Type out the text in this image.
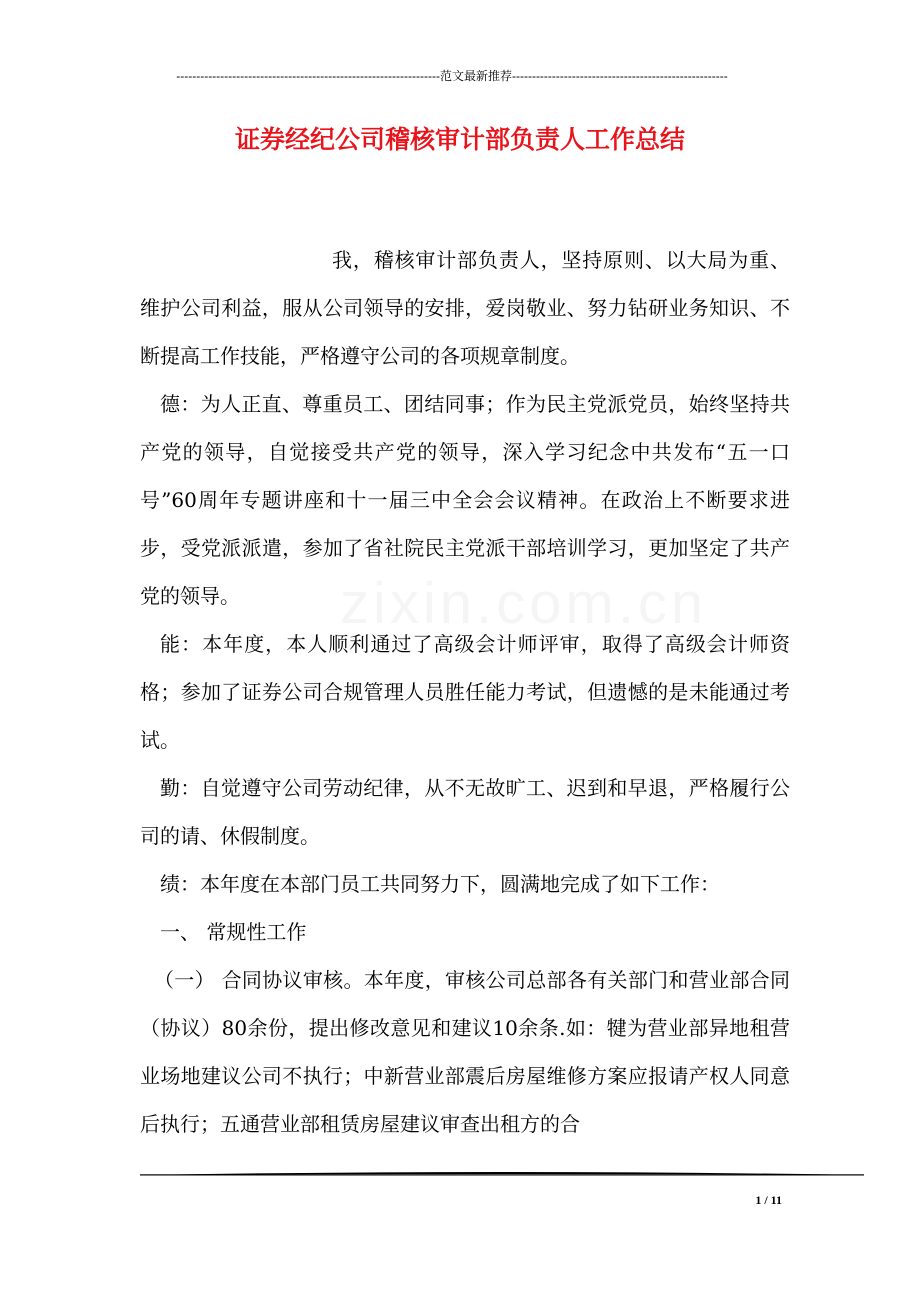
------------------------------------------------------------------范文最新推荐------------------------------------------------------
证券经纪公司稽核审计部负责人工作总结
zixin.com.cn

我，稽核审计部负责人，坚持原则、以大局为重、维护公司利益，服从公司领导的安排，爱岗敬业、努力钻研业务知识、不断提高工作技能，严格遵守公司的各项规章制度。

德：为人正直、尊重员工、团结同事；作为民主党派党员，始终坚持共产党的领导，自觉接受共产党的领导，深入学习纪念中共发布“五一口号”60周年专题讲座和十一届三中全会会议精神。在政治上不断要求进步，受党派派遣，参加了省社院民主党派干部培训学习，更加坚定了共产党的领导。

能：本年度，本人顺利通过了高级会计师评审，取得了高级会计师资格；参加了证券公司合规管理人员胜任能力考试，但遗憾的是未能通过考试。

勤：自觉遵守公司劳动纪律，从不无故旷工、迟到和早退，严格履行公司的请、休假制度。

绩：本年度在本部门员工共同努力下，圆满地完成了如下工作：

一、 常规性工作

（一） 合同协议审核。本年度，审核公司总部各有关部门和营业部合同（协议）80余份，提出修改意见和建议10余条.如：犍为营业部异地租营业场地建议公司不执行；中新营业部震后房屋维修方案应报请产权人同意后执行；五通营业部租赁房屋建议审查出租方的合

1 / 11
